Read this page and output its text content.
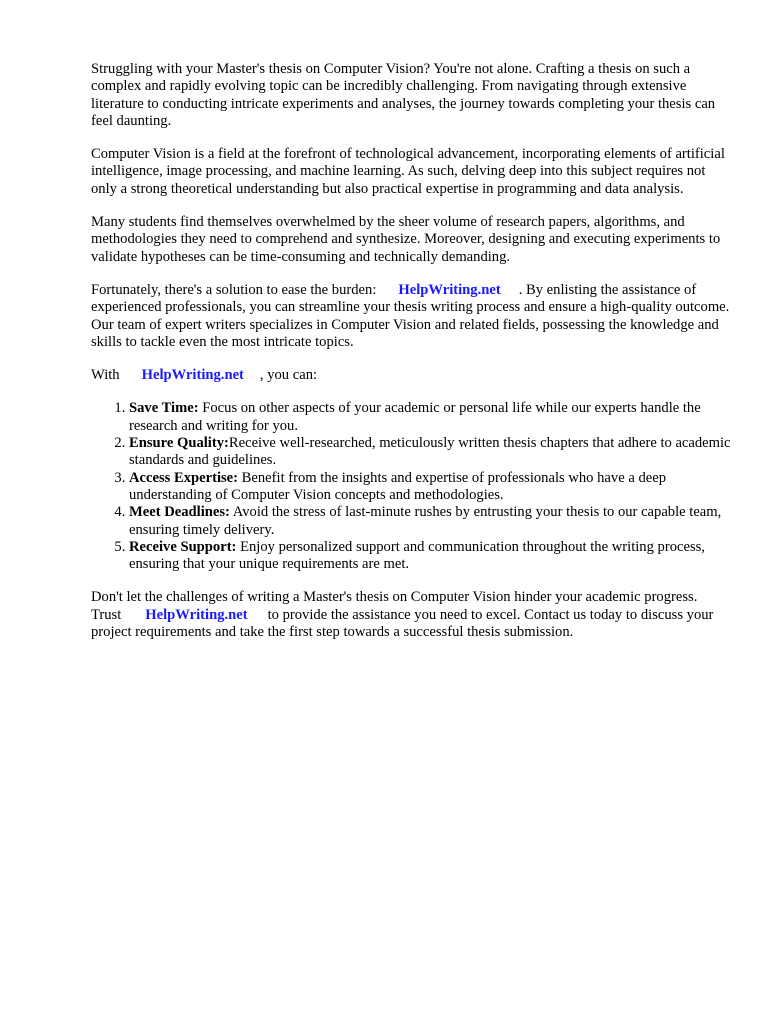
Struggling with your Master's thesis on Computer Vision? You're not alone. Crafting a thesis on such a complex and rapidly evolving topic can be incredibly challenging. From navigating through extensive literature to conducting intricate experiments and analyses, the journey towards completing your thesis can feel daunting.

Computer Vision is a field at the forefront of technological advancement, incorporating elements of artificial intelligence, image processing, and machine learning. As such, delving deep into this subject requires not only a strong theoretical understanding but also practical expertise in programming and data analysis.

Many students find themselves overwhelmed by the sheer volume of research papers, algorithms, and methodologies they need to comprehend and synthesize. Moreover, designing and executing experiments to validate hypotheses can be time-consuming and technically demanding.

Fortunately, there's a solution to ease the burden: HelpWriting.net . By enlisting the assistance of experienced professionals, you can streamline your thesis writing process and ensure a high-quality outcome. Our team of expert writers specializes in Computer Vision and related fields, possessing the knowledge and skills to tackle even the most intricate topics.

With HelpWriting.net , you can:

1. Save Time: Focus on other aspects of your academic or personal life while our experts handle the research and writing for you.
2. Ensure Quality:Receive well-researched, meticulously written thesis chapters that adhere to academic standards and guidelines.
3. Access Expertise: Benefit from the insights and expertise of professionals who have a deep understanding of Computer Vision concepts and methodologies.
4. Meet Deadlines: Avoid the stress of last-minute rushes by entrusting your thesis to our capable team, ensuring timely delivery.
5. Receive Support: Enjoy personalized support and communication throughout the writing process, ensuring that your unique requirements are met.

Don't let the challenges of writing a Master's thesis on Computer Vision hinder your academic progress. Trust HelpWriting.net to provide the assistance you need to excel. Contact us today to discuss your project requirements and take the first step towards a successful thesis submission.
